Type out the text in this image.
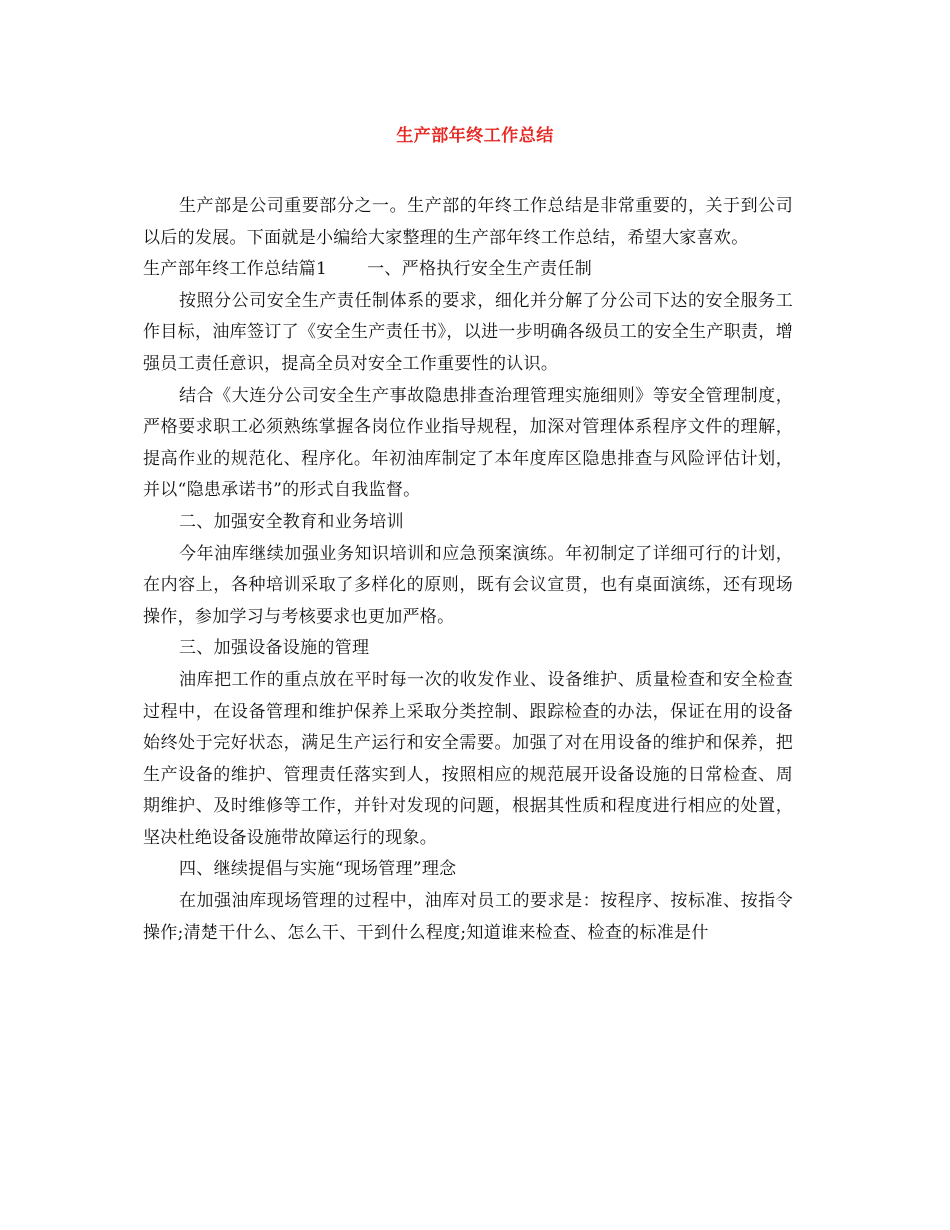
生产部年终工作总结

生产部是公司重要部分之一。生产部的年终工作总结是非常重要的，关于到公司以后的发展。下面就是小编给大家整理的生产部年终工作总结，希望大家喜欢。

生产部年终工作总结篇1 一、严格执行安全生产责任制

按照分公司安全生产责任制体系的要求，细化并分解了分公司下达的安全服务工作目标，油库签订了《安全生产责任书》，以进一步明确各级员工的安全生产职责，增强员工责任意识，提高全员对安全工作重要性的认识。

结合《大连分公司安全生产事故隐患排查治理管理实施细则》等安全管理制度，严格要求职工必须熟练掌握各岗位作业指导规程，加深对管理体系程序文件的理解，提高作业的规范化、程序化。年初油库制定了本年度库区隐患排查与风险评估计划，并以“隐患承诺书”的形式自我监督。

二、加强安全教育和业务培训

今年油库继续加强业务知识培训和应急预案演练。年初制定了详细可行的计划，在内容上，各种培训采取了多样化的原则，既有会议宣贯，也有桌面演练，还有现场操作，参加学习与考核要求也更加严格。

三、加强设备设施的管理

油库把工作的重点放在平时每一次的收发作业、设备维护、质量检查和安全检查过程中，在设备管理和维护保养上采取分类控制、跟踪检查的办法，保证在用的设备始终处于完好状态，满足生产运行和安全需要。加强了对在用设备的维护和保养，把生产设备的维护、管理责任落实到人，按照相应的规范展开设备设施的日常检查、周期维护、及时维修等工作，并针对发现的问题，根据其性质和程度进行相应的处置，坚决杜绝设备设施带故障运行的现象。

四、继续提倡与实施“现场管理”理念

在加强油库现场管理的过程中，油库对员工的要求是：按程序、按标准、按指令操作;清楚干什么、怎么干、干到什么程度;知道谁来检查、检查的标准是什
